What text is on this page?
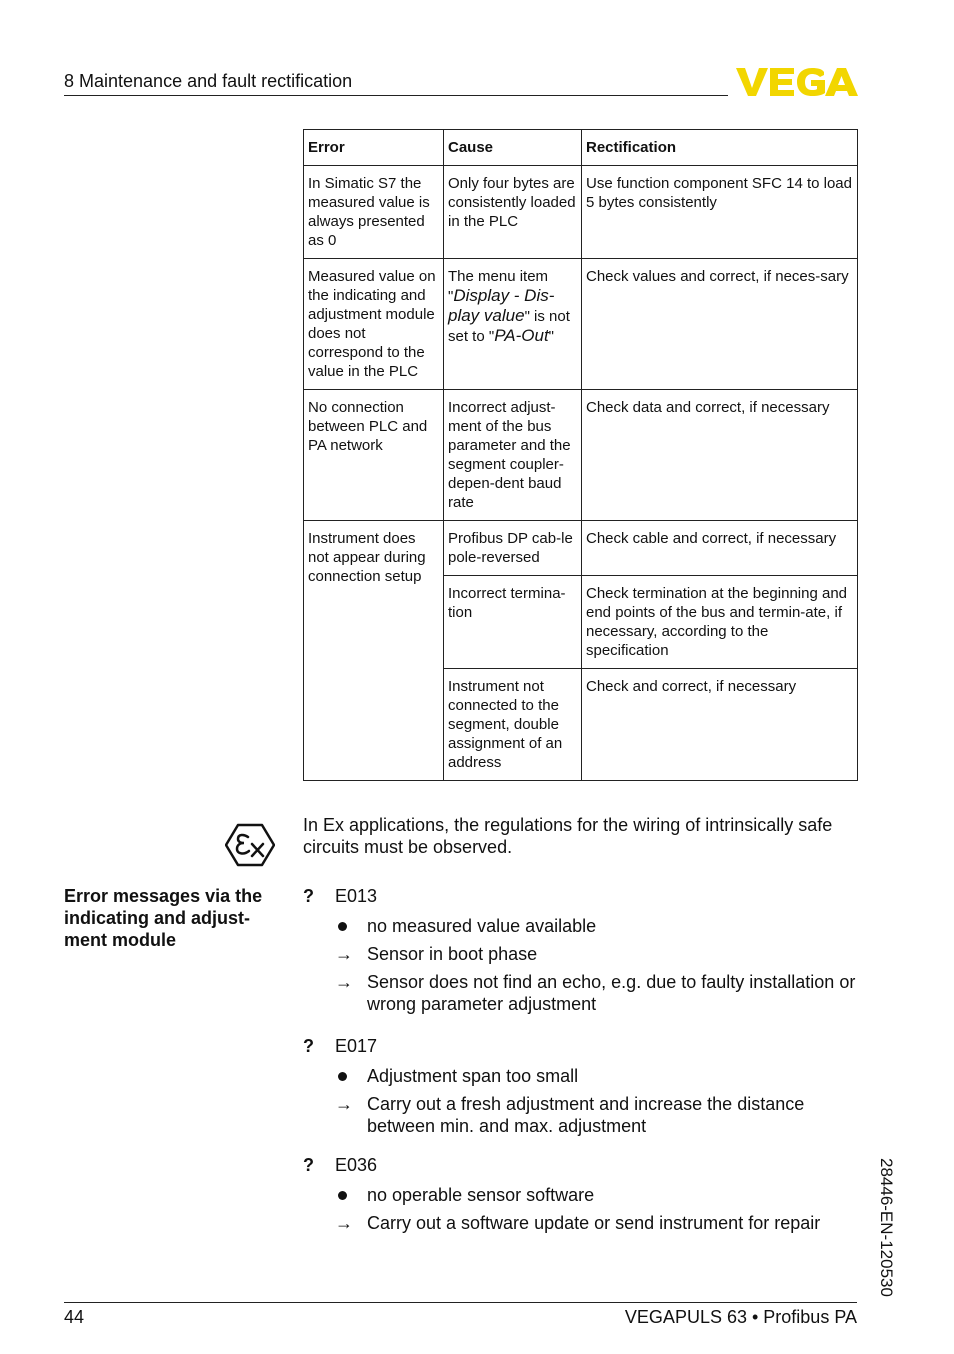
8 Maintenance and fault rectification
Error	Cause	Rectification
In Simatic S7 the measured value is always presented as 0	Only four bytes are consistently loaded in the PLC	Use function component SFC 14 to load 5 bytes consistently
Measured value on the indicating and adjustment module does not correspond to the value in the PLC	The menu item "Display - Dis-play value" is not set to "PA-Out"	Check values and correct, if neces-sary
No connection between PLC and PA network	Incorrect adjust-ment of the bus parameter and the segment coupler-depen-dent baud rate	Check data and correct, if necessary
Instrument does not appear during connection setup	Profibus DP cab-le pole-reversed	Check cable and correct, if necessary
	Incorrect termina-tion	Check termination at the beginning and end points of the bus and termin-ate, if necessary, according to the specification
	Instrument not connected to the segment, double assignment of an address	Check and correct, if necessary
In Ex applications, the regulations for the wiring of intrinsically safe circuits must be observed.
Error messages via the indicating and adjust-ment module
? E013
no measured value available
→ Sensor in boot phase
→ Sensor does not find an echo, e.g. due to faulty installation or wrong parameter adjustment
? E017
Adjustment span too small
→ Carry out a fresh adjustment and increase the distance between min. and max. adjustment
? E036
no operable sensor software
→ Carry out a software update or send instrument for repair	28446-EN-120530
44	VEGAPULS 63 • Profibus PA
